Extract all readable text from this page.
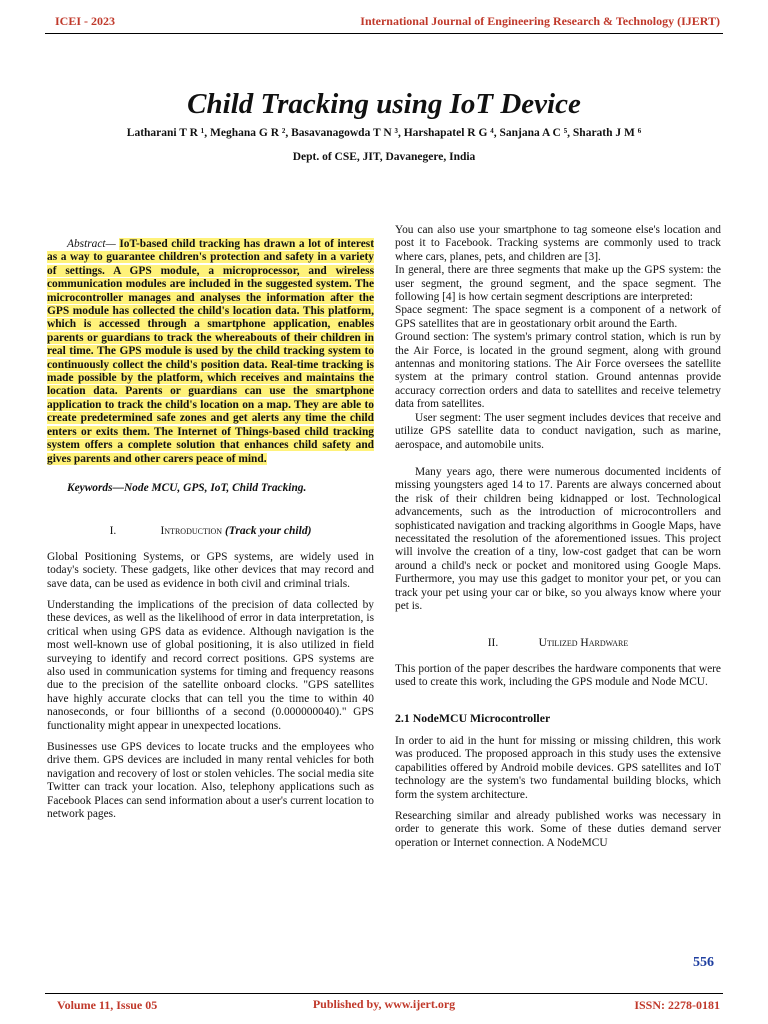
ICEI - 2023	International Journal of Engineering Research & Technology (IJERT)
Child Tracking using IoT Device
Latharani T R ¹, Meghana G R ², Basavanagowda T N ³, Harshapatel R G ⁴, Sanjana A C ⁵, Sharath J M ⁶
Dept. of CSE, JIT, Davanegere, India

Abstract— IoT-based child tracking has drawn a lot of interest as a way to guarantee children's protection and safety in a variety of settings. A GPS module, a microprocessor, and wireless communication modules are included in the suggested system. The microcontroller manages and analyses the information after the GPS module has collected the child's location data. This platform, which is accessed through a smartphone application, enables parents or guardians to track the whereabouts of their children in real time. The GPS module is used by the child tracking system to continuously collect the child's position data. Real-time tracking is made possible by the platform, which receives and maintains the location data. Parents or guardians can use the smartphone application to track the child's location on a map. They are able to create predetermined safe zones and get alerts any time the child enters or exits them. The Internet of Things-based child tracking system offers a complete solution that enhances child safety and gives parents and other carers peace of mind.

Keywords—Node MCU, GPS, IoT, Child Tracking.

I.	Introduction (Track your child)

Global Positioning Systems, or GPS systems, are widely used in today's society. These gadgets, like other devices that may record and save data, can be used as evidence in both civil and criminal trials.

Understanding the implications of the precision of data collected by these devices, as well as the likelihood of error in data interpretation, is critical when using GPS data as evidence. Although navigation is the most well-known use of global positioning, it is also utilized in field surveying to identify and record correct positions. GPS systems are also used in communication systems for timing and frequency reasons due to the precision of the satellite onboard clocks. "GPS satellites have highly accurate clocks that can tell you the time to within 40 nanoseconds, or four billionths of a second (0.000000040)." GPS functionality might appear in unexpected locations.

Businesses use GPS devices to locate trucks and the employees who drive them. GPS devices are included in many rental vehicles for both navigation and recovery of lost or stolen vehicles. The social media site Twitter can track your location. Also, telephony applications such as Facebook Places can send information about a user's current location to network pages.

You can also use your smartphone to tag someone else's location and post it to Facebook. Tracking systems are commonly used to track where cars, planes, pets, and children are [3].

In general, there are three segments that make up the GPS system: the user segment, the ground segment, and the space segment. The following [4] is how certain segment descriptions are interpreted:

Space segment: The space segment is a component of a network of GPS satellites that are in geostationary orbit around the Earth.

Ground section: The system's primary control station, which is run by the Air Force, is located in the ground segment, along with ground antennas and monitoring stations. The Air Force oversees the satellite system at the primary control station. Ground antennas provide accuracy correction orders and data to satellites and receive telemetry data from satellites.

User segment: The user segment includes devices that receive and utilize GPS satellite data to conduct navigation, such as marine, aerospace, and automobile units.

Many years ago, there were numerous documented incidents of missing youngsters aged 14 to 17. Parents are always concerned about the risk of their children being kidnapped or lost. Technological advancements, such as the introduction of microcontrollers and sophisticated navigation and tracking algorithms in Google Maps, have necessitated the resolution of the aforementioned issues. This project will involve the creation of a tiny, low-cost gadget that can be worn around a child's neck or pocket and monitored using Google Maps. Furthermore, you may use this gadget to monitor your pet, or you can track your pet using your car or bike, so you always know where your pet is.

II.	Utilized Hardware

This portion of the paper describes the hardware components that were used to create this work, including the GPS module and Node MCU.

2.1 NodeMCU Microcontroller

In order to aid in the hunt for missing or missing children, this work was produced. The proposed approach in this study uses the extensive capabilities offered by Android mobile devices. GPS satellites and IoT technology are the system's two fundamental building blocks, which form the system architecture.

Researching similar and already published works was necessary in order to generate this work. Some of these duties demand server operation or Internet connection. A NodeMCU

556
Volume 11, Issue 05	Published by, www.ijert.org	ISSN: 2278-0181
